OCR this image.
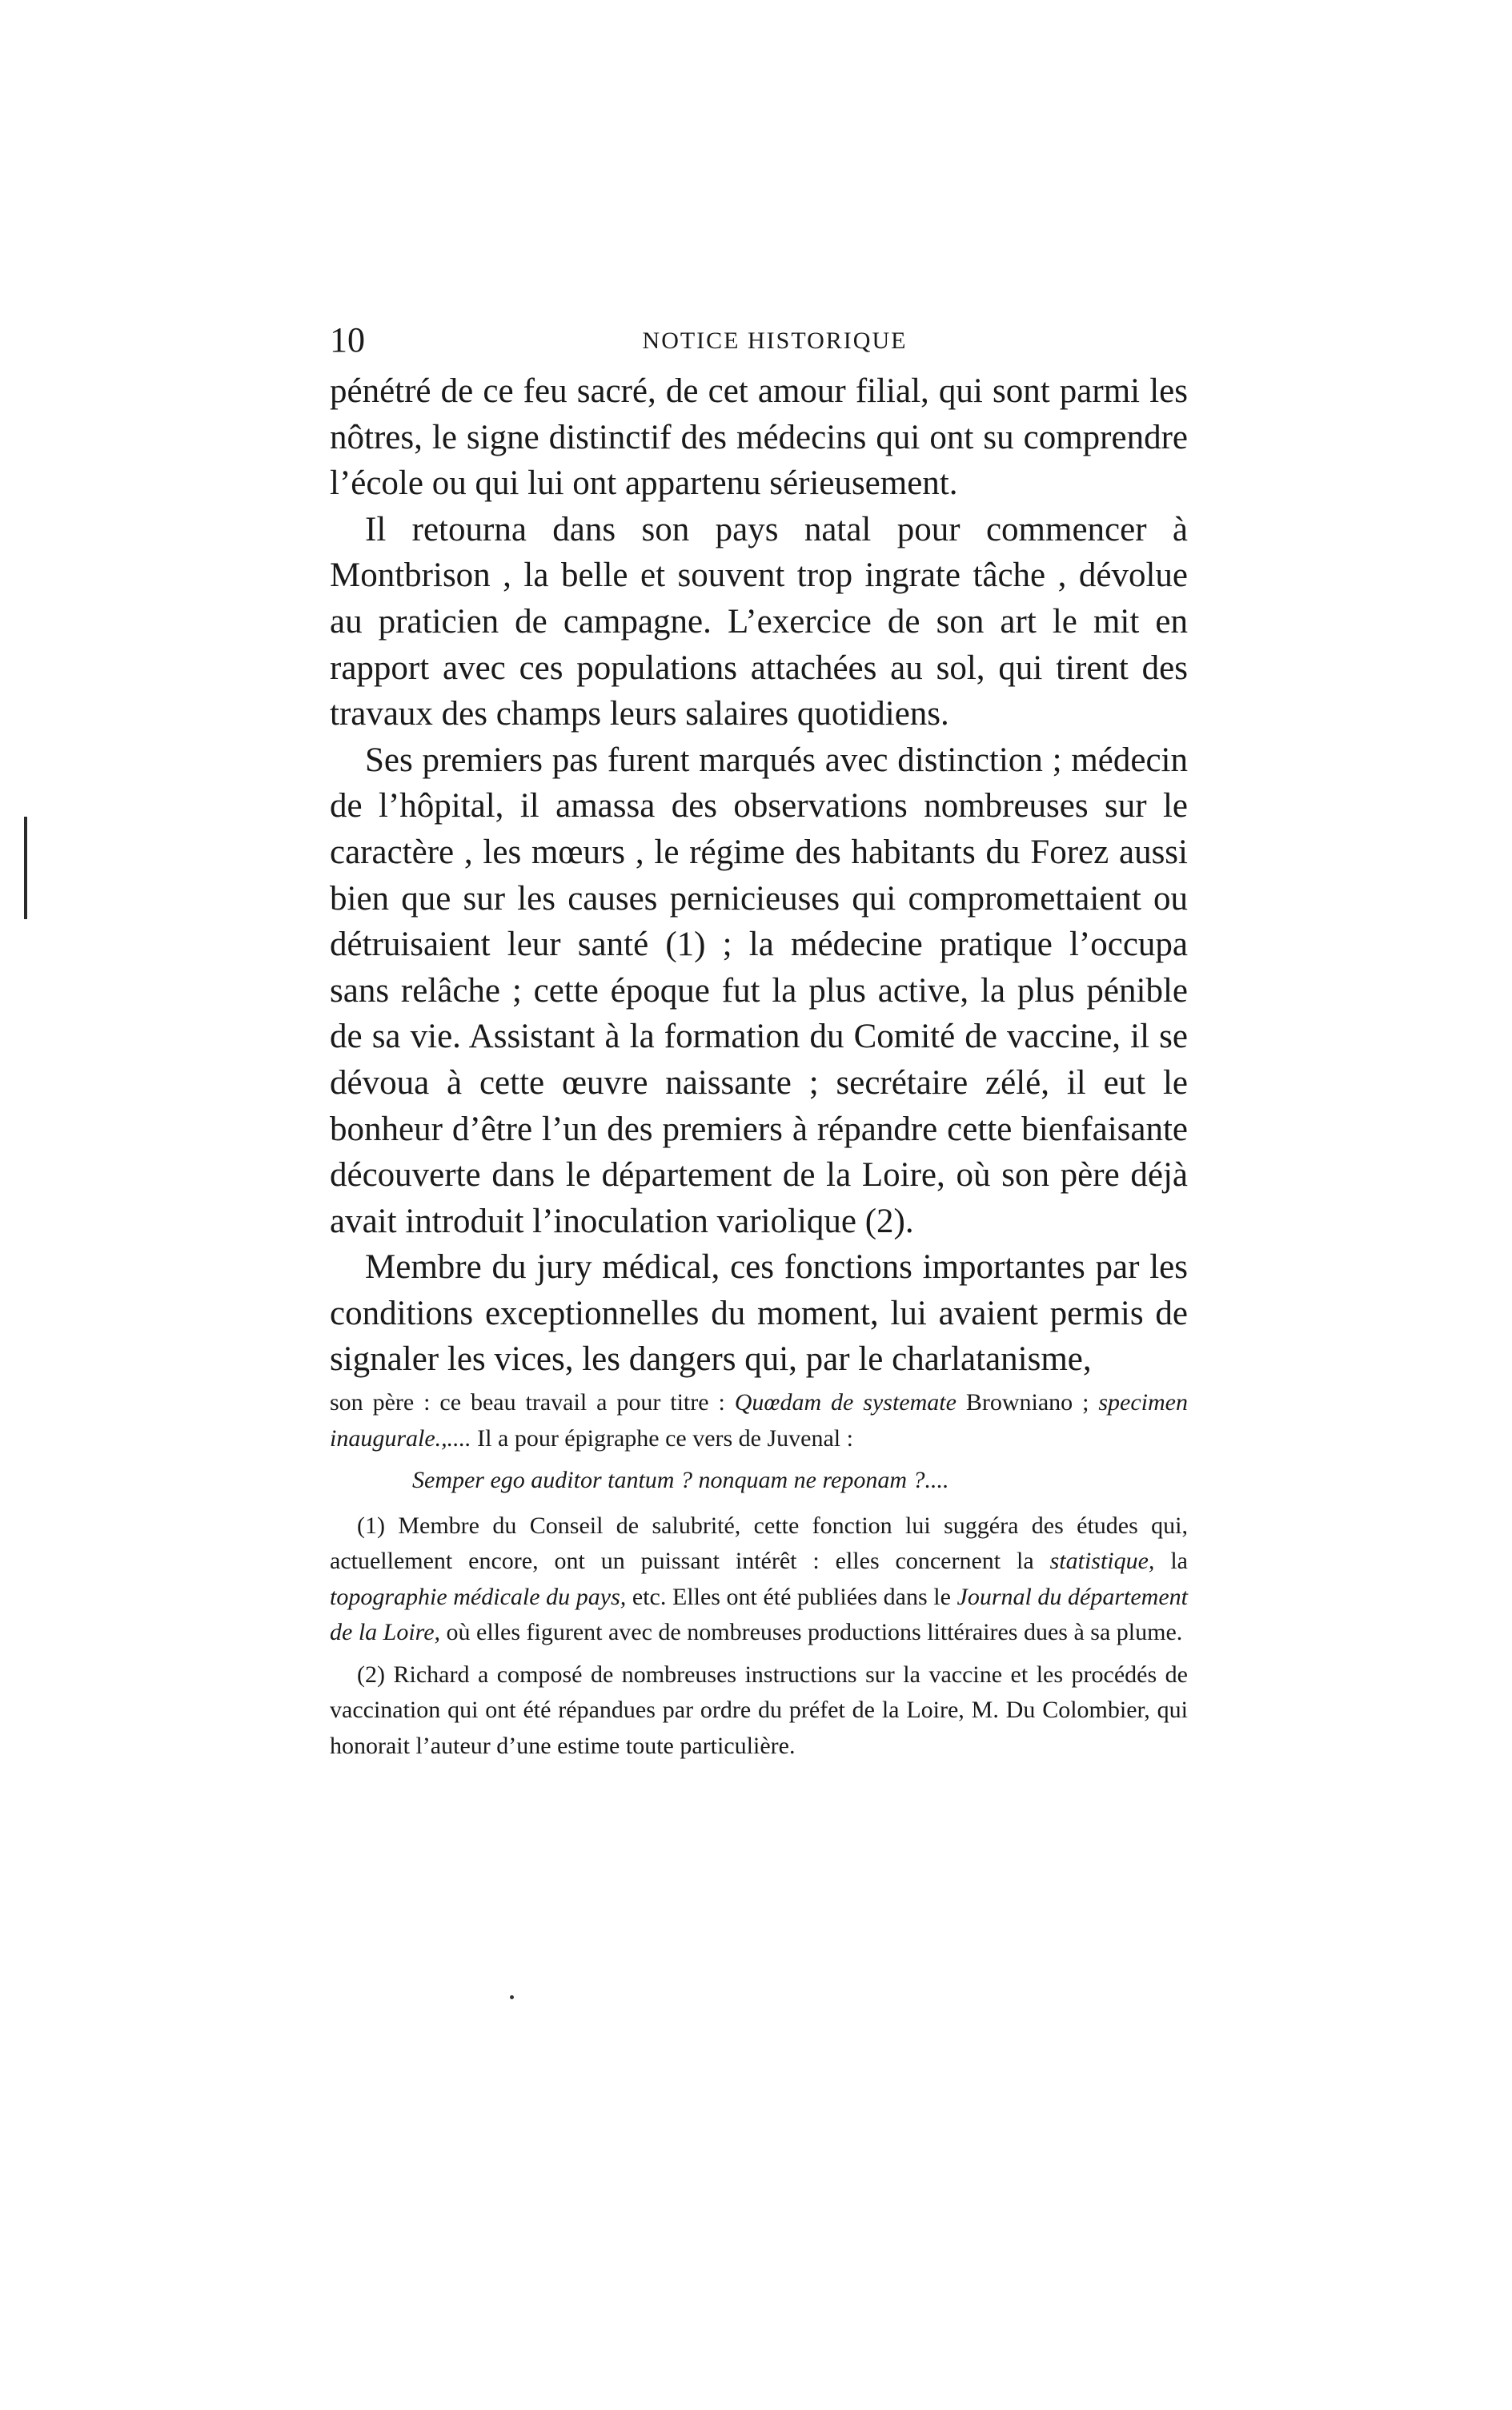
10	NOTICE HISTORIQUE

pénétré de ce feu sacré, de cet amour filial, qui sont parmi les nôtres, le signe distinctif des médecins qui ont su comprendre l’école ou qui lui ont appartenu sérieusement.

Il retourna dans son pays natal pour commencer à Montbrison , la belle et souvent trop ingrate tâche , dévolue au praticien de campagne. L’exercice de son art le mit en rapport avec ces populations attachées au sol, qui tirent des travaux des champs leurs salaires quotidiens.

Ses premiers pas furent marqués avec distinction ; médecin de l’hôpital, il amassa des observations nombreuses sur le caractère , les mœurs , le régime des habitants du Forez aussi bien que sur les causes pernicieuses qui compromettaient ou détruisaient leur santé (1) ; la médecine pratique l’occupa sans relâche ; cette époque fut la plus active, la plus pénible de sa vie. Assistant à la formation du Comité de vaccine, il se dévoua à cette œuvre naissante ; secrétaire zélé, il eut le bonheur d’être l’un des premiers à répandre cette bienfaisante découverte dans le département de la Loire, où son père déjà avait introduit l’inoculation variolique (2).

Membre du jury médical, ces fonctions importantes par les conditions exceptionnelles du moment, lui avaient permis de signaler les vices, les dangers qui, par le charlatanisme,

son père : ce beau travail a pour titre : Quœdam de systemate Browniano ; specimen inaugurale.,.... Il a pour épigraphe ce vers de Juvenal :

Semper ego auditor tantum ? nonquam ne reponam ?....

(1) Membre du Conseil de salubrité, cette fonction lui suggéra des études qui, actuellement encore, ont un puissant intérêt : elles concernent la statistique, la topographie médicale du pays, etc. Elles ont été publiées dans le Journal du département de la Loire, où elles figurent avec de nombreuses productions littéraires dues à sa plume.

(2) Richard a composé de nombreuses instructions sur la vaccine et les procédés de vaccination qui ont été répandues par ordre du préfet de la Loire, M. Du Colombier, qui honorait l’auteur d’une estime toute particulière.
